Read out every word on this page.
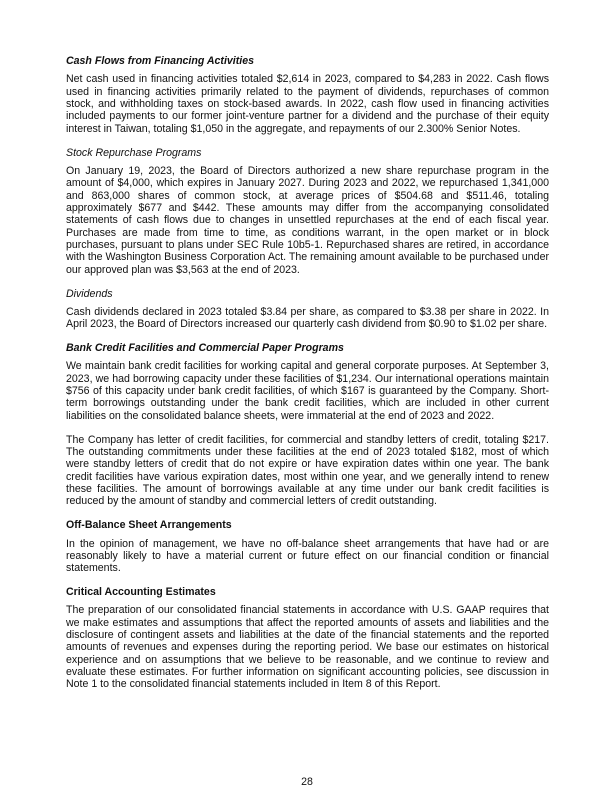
Cash Flows from Financing Activities

Net cash used in financing activities totaled $2,614 in 2023, compared to $4,283 in 2022. Cash flows used in financing activities primarily related to the payment of dividends, repurchases of common stock, and withholding taxes on stock-based awards. In 2022, cash flow used in financing activities included payments to our former joint-venture partner for a dividend and the purchase of their equity interest in Taiwan, totaling $1,050 in the aggregate, and repayments of our 2.300% Senior Notes.

Stock Repurchase Programs

On January 19, 2023, the Board of Directors authorized a new share repurchase program in the amount of $4,000, which expires in January 2027. During 2023 and 2022, we repurchased 1,341,000 and 863,000 shares of common stock, at average prices of $504.68 and $511.46, totaling approximately $677 and $442. These amounts may differ from the accompanying consolidated statements of cash flows due to changes in unsettled repurchases at the end of each fiscal year. Purchases are made from time to time, as conditions warrant, in the open market or in block purchases, pursuant to plans under SEC Rule 10b5-1. Repurchased shares are retired, in accordance with the Washington Business Corporation Act. The remaining amount available to be purchased under our approved plan was $3,563 at the end of 2023.

Dividends

Cash dividends declared in 2023 totaled $3.84 per share, as compared to $3.38 per share in 2022. In April 2023, the Board of Directors increased our quarterly cash dividend from $0.90 to $1.02 per share.

Bank Credit Facilities and Commercial Paper Programs

We maintain bank credit facilities for working capital and general corporate purposes. At September 3, 2023, we had borrowing capacity under these facilities of $1,234. Our international operations maintain $756 of this capacity under bank credit facilities, of which $167 is guaranteed by the Company. Short-term borrowings outstanding under the bank credit facilities, which are included in other current liabilities on the consolidated balance sheets, were immaterial at the end of 2023 and 2022.

The Company has letter of credit facilities, for commercial and standby letters of credit, totaling $217. The outstanding commitments under these facilities at the end of 2023 totaled $182, most of which were standby letters of credit that do not expire or have expiration dates within one year. The bank credit facilities have various expiration dates, most within one year, and we generally intend to renew these facilities. The amount of borrowings available at any time under our bank credit facilities is reduced by the amount of standby and commercial letters of credit outstanding.

Off-Balance Sheet Arrangements

In the opinion of management, we have no off-balance sheet arrangements that have had or are reasonably likely to have a material current or future effect on our financial condition or financial statements.

Critical Accounting Estimates

The preparation of our consolidated financial statements in accordance with U.S. GAAP requires that we make estimates and assumptions that affect the reported amounts of assets and liabilities and the disclosure of contingent assets and liabilities at the date of the financial statements and the reported amounts of revenues and expenses during the reporting period. We base our estimates on historical experience and on assumptions that we believe to be reasonable, and we continue to review and evaluate these estimates. For further information on significant accounting policies, see discussion in Note 1 to the consolidated financial statements included in Item 8 of this Report.

28
